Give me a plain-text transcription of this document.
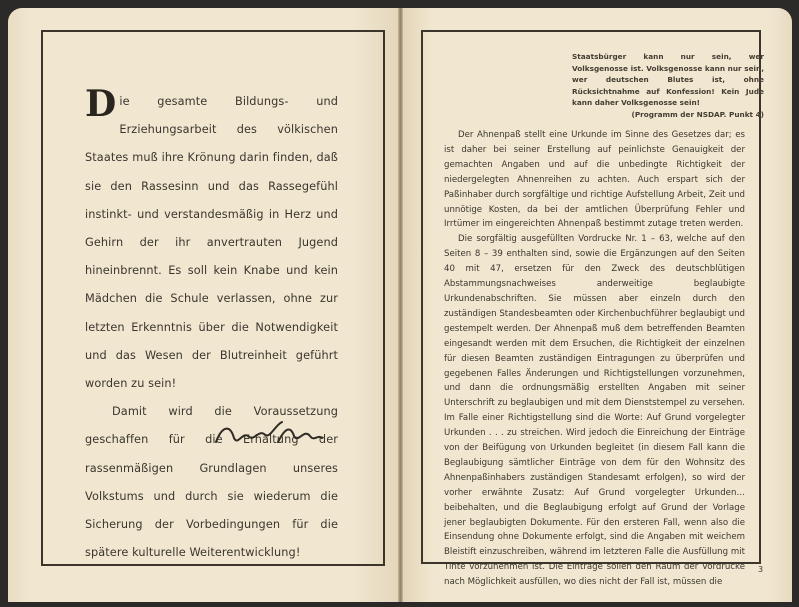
Die gesamte Bildungs- und Erziehungsarbeit des völkischen Staates muß ihre Krönung darin finden, daß sie den Rassesinn und das Rassegefühl instinkt- und verstandesmäßig in Herz und Gehirn der ihr anvertrauten Jugend hineinbrennt. Es soll kein Knabe und kein Mädchen die Schule verlassen, ohne zur letzten Erkenntnis über die Notwendigkeit und das Wesen der Blutreinheit geführt worden zu sein!

Damit wird die Voraussetzung geschaffen für die Erhaltung der rassenmäßigen Grundlagen unseres Volkstums und durch sie wiederum die Sicherung der Vorbedingungen für die spätere kulturelle Weiterentwicklung!

Staatsbürger kann nur sein, wer Volksgenosse ist. Volksgenosse kann nur sein, wer deutschen Blutes ist, ohne Rücksichtnahme auf Konfession! Kein Jude kann daher Volksgenosse sein!
(Programm der NSDAP. Punkt 4)

Der Ahnenpaß stellt eine Urkunde im Sinne des Gesetzes dar; es ist daher bei seiner Erstellung auf peinlichste Genauigkeit der gemachten Angaben und auf die unbedingte Richtigkeit der niedergelegten Ahnenreihen zu achten. Auch erspart sich der Paßinhaber durch sorgfältige und richtige Aufstellung Arbeit, Zeit und unnötige Kosten, da bei der amtlichen Überprüfung Fehler und Irrtümer im eingereichten Ahnenpaß bestimmt zutage treten werden.

Die sorgfältig ausgefüllten Vordrucke Nr. 1 – 63, welche auf den Seiten 8 – 39 enthalten sind, sowie die Ergänzungen auf den Seiten 40 mit 47, ersetzen für den Zweck des deutschblütigen Abstammungsnachweises anderweitige beglaubigte Urkundenabschriften. Sie müssen aber einzeln durch den zuständigen Standesbeamten oder Kirchenbuchführer beglaubigt und gestempelt werden. Der Ahnenpaß muß dem betreffenden Beamten eingesandt werden mit dem Ersuchen, die Richtigkeit der einzelnen für diesen Beamten zuständigen Eintragungen zu überprüfen und gegebenen Falles Änderungen und Richtigstellungen vorzunehmen, und dann die ordnungsmäßig erstellten Angaben mit seiner Unterschrift zu beglaubigen und mit dem Dienststempel zu versehen. Im Falle einer Richtigstellung sind die Worte: Auf Grund vorgelegter Urkunden . . . zu streichen. Wird jedoch die Einreichung der Einträge von der Beifügung von Urkunden begleitet (in diesem Fall kann die Beglaubigung sämtlicher Einträge von dem für den Wohnsitz des Ahnenpaßinhabers zuständigen Standesamt erfolgen), so wird der vorher erwähnte Zusatz: Auf Grund vorgelegter Urkunden… beibehalten, und die Beglaubigung erfolgt auf Grund der Vorlage jener beglaubigten Dokumente. Für den ersteren Fall, wenn also die Einsendung ohne Dokumente erfolgt, sind die Angaben mit weichem Bleistift einzuschreiben, während im letzteren Falle die Ausfüllung mit Tinte vorzunehmen ist. Die Einträge sollen den Raum der Vordrucke nach Möglichkeit ausfüllen, wo dies nicht der Fall ist, müssen die

3
